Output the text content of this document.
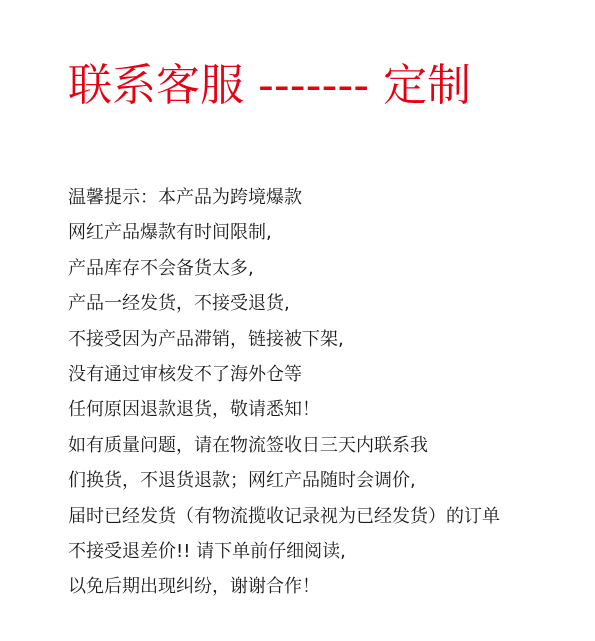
联系客服 ------- 定制
温馨提示：本产品为跨境爆款
网红产品爆款有时间限制,
产品库存不会备货太多,
产品一经发货，不接受退货,
不接受因为产品滞销，链接被下架,
没有通过审核发不了海外仓等
任何原因退款退货，敬请悉知！
如有质量问题，请在物流签收日三天内联系我
们换货，不退货退款；网红产品随时会调价,
届时已经发货（有物流揽收记录视为已经发货）的订单
不接受退差价!! 请下单前仔细阅读,
以免后期出现纠纷，谢谢合作！
